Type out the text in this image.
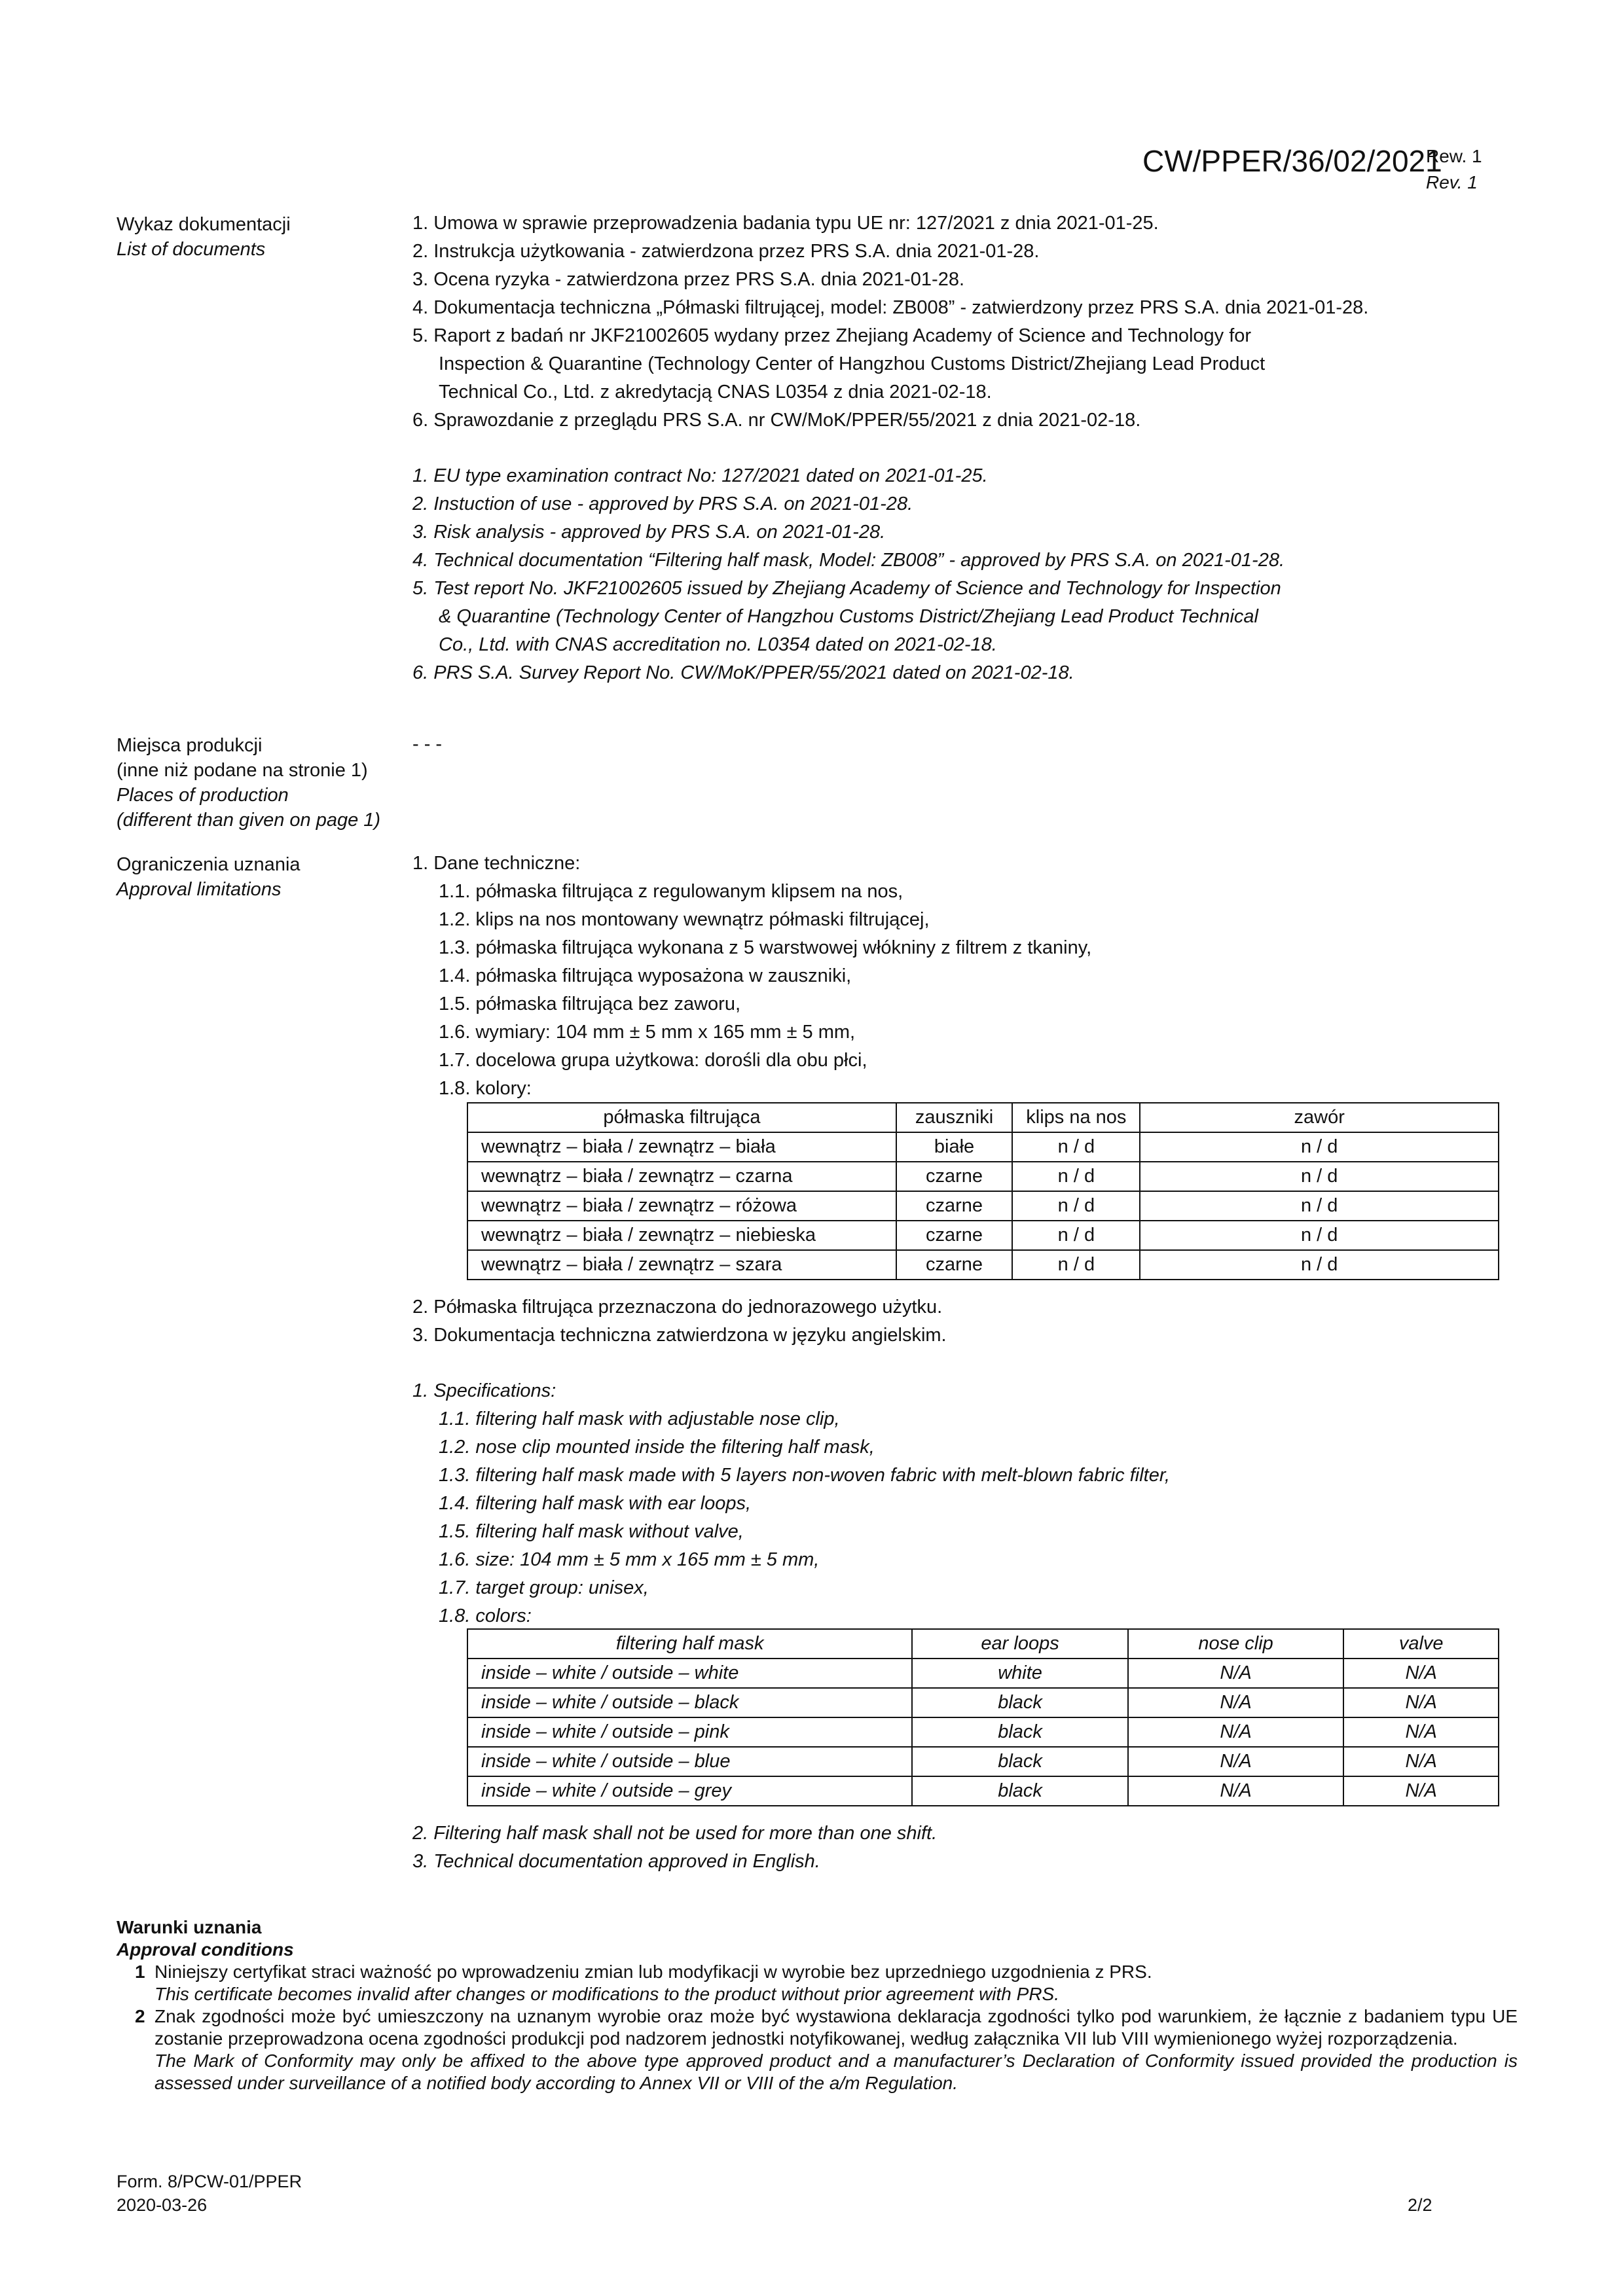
CW/PPER/36/02/2021
Rew. 1
Rev. 1
Wykaz dokumentacji
List of documents
1. Umowa w sprawie przeprowadzenia badania typu UE nr: 127/2021 z dnia 2021-01-25.
2. Instrukcja użytkowania - zatwierdzona przez PRS S.A. dnia 2021-01-28.
3. Ocena ryzyka - zatwierdzona przez PRS S.A. dnia 2021-01-28.
4. Dokumentacja techniczna „Półmaski filtrującej, model: ZB008” - zatwierdzony przez PRS S.A. dnia 2021-01-28.
5. Raport z badań nr JKF21002605 wydany przez Zhejiang Academy of Science and Technology for
Inspection & Quarantine (Technology Center of Hangzhou Customs District/Zhejiang Lead Product
Technical Co., Ltd. z akredytacją CNAS L0354 z dnia 2021-02-18.
6. Sprawozdanie z przeglądu PRS S.A. nr CW/MoK/PPER/55/2021 z dnia 2021-02-18.
1. EU type examination contract No: 127/2021 dated on 2021-01-25.
2. Instuction of use - approved by PRS S.A. on 2021-01-28.
3. Risk analysis - approved by PRS S.A. on 2021-01-28.
4. Technical documentation “Filtering half mask, Model: ZB008” - approved by PRS S.A. on 2021-01-28.
5. Test report No. JKF21002605 issued by Zhejiang Academy of Science and Technology for Inspection
& Quarantine (Technology Center of Hangzhou Customs District/Zhejiang Lead Product Technical
Co., Ltd. with CNAS accreditation no. L0354 dated on 2021-02-18.
6. PRS S.A. Survey Report No. CW/MoK/PPER/55/2021 dated on 2021-02-18.
Miejsca produkcji
(inne niż podane na stronie 1)
Places of production
(different than given on page 1)
- - -
Ograniczenia uznania
Approval limitations
1. Dane techniczne:
1.1. półmaska filtrująca z regulowanym klipsem na nos,
1.2. klips na nos montowany wewnątrz półmaski filtrującej,
1.3. półmaska filtrująca wykonana z 5 warstwowej włókniny z filtrem z tkaniny,
1.4. półmaska filtrująca wyposażona w zauszniki,
1.5. półmaska filtrująca bez zaworu,
1.6. wymiary: 104 mm ± 5 mm x 165 mm ± 5 mm,
1.7. docelowa grupa użytkowa: dorośli dla obu płci,
1.8. kolory:
półmaska filtrująca	zauszniki	klips na nos	zawór
wewnątrz – biała / zewnątrz – biała	białe	n / d	n / d
wewnątrz – biała / zewnątrz – czarna	czarne	n / d	n / d
wewnątrz – biała / zewnątrz – różowa	czarne	n / d	n / d
wewnątrz – biała / zewnątrz – niebieska	czarne	n / d	n / d
wewnątrz – biała / zewnątrz – szara	czarne	n / d	n / d
2. Półmaska filtrująca przeznaczona do jednorazowego użytku.
3. Dokumentacja techniczna zatwierdzona w języku angielskim.
1. Specifications:
1.1. filtering half mask with adjustable nose clip,
1.2. nose clip mounted inside the filtering half mask,
1.3. filtering half mask made with 5 layers non-woven fabric with melt-blown fabric filter,
1.4. filtering half mask with ear loops,
1.5. filtering half mask without valve,
1.6. size: 104 mm ± 5 mm x 165 mm ± 5 mm,
1.7. target group: unisex,
1.8. colors:
filtering half mask	ear loops	nose clip	valve
inside – white / outside – white	white	N/A	N/A
inside – white / outside – black	black	N/A	N/A
inside – white / outside – pink	black	N/A	N/A
inside – white / outside – blue	black	N/A	N/A
inside – white / outside – grey	black	N/A	N/A
2. Filtering half mask shall not be used for more than one shift.
3. Technical documentation approved in English.
Warunki uznania
Approval conditions
1 Niniejszy certyfikat straci ważność po wprowadzeniu zmian lub modyfikacji w wyrobie bez uprzedniego uzgodnienia z PRS.
This certificate becomes invalid after changes or modifications to the product without prior agreement with PRS.
2 Znak zgodności może być umieszczony na uznanym wyrobie oraz może być wystawiona deklaracja zgodności tylko pod warunkiem, że łącznie z badaniem typu UE zostanie przeprowadzona ocena zgodności produkcji pod nadzorem jednostki notyfikowanej, według załącznika VII lub VIII wymienionego wyżej rozporządzenia.
The Mark of Conformity may only be affixed to the above type approved product and a manufacturer’s Declaration of Conformity issued provided the production is assessed under surveillance of a notified body according to Annex VII or VIII of the a/m Regulation.
Form. 8/PCW-01/PPER
2020-03-26	2/2
